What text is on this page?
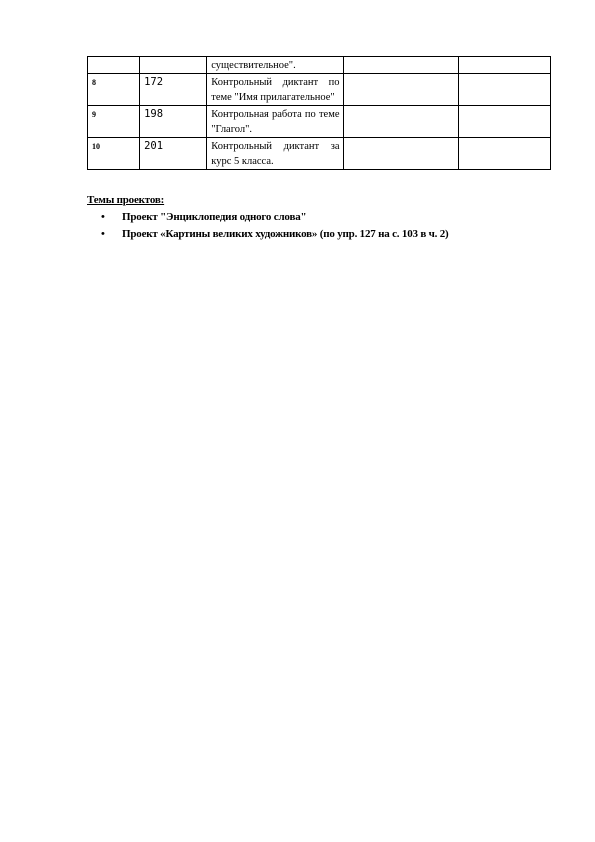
		существительное".		

8	172	Контрольный диктант по теме "Имя прилагательное"		

9	198	Контрольная работа по теме "Глагол".		

10	201	Контрольный диктант за курс 5 класса.		

Темы проектов:
• Проект "Энциклопедия одного слова"
• Проект «Картины великих художников» (по упр. 127 на с. 103 в ч. 2)
